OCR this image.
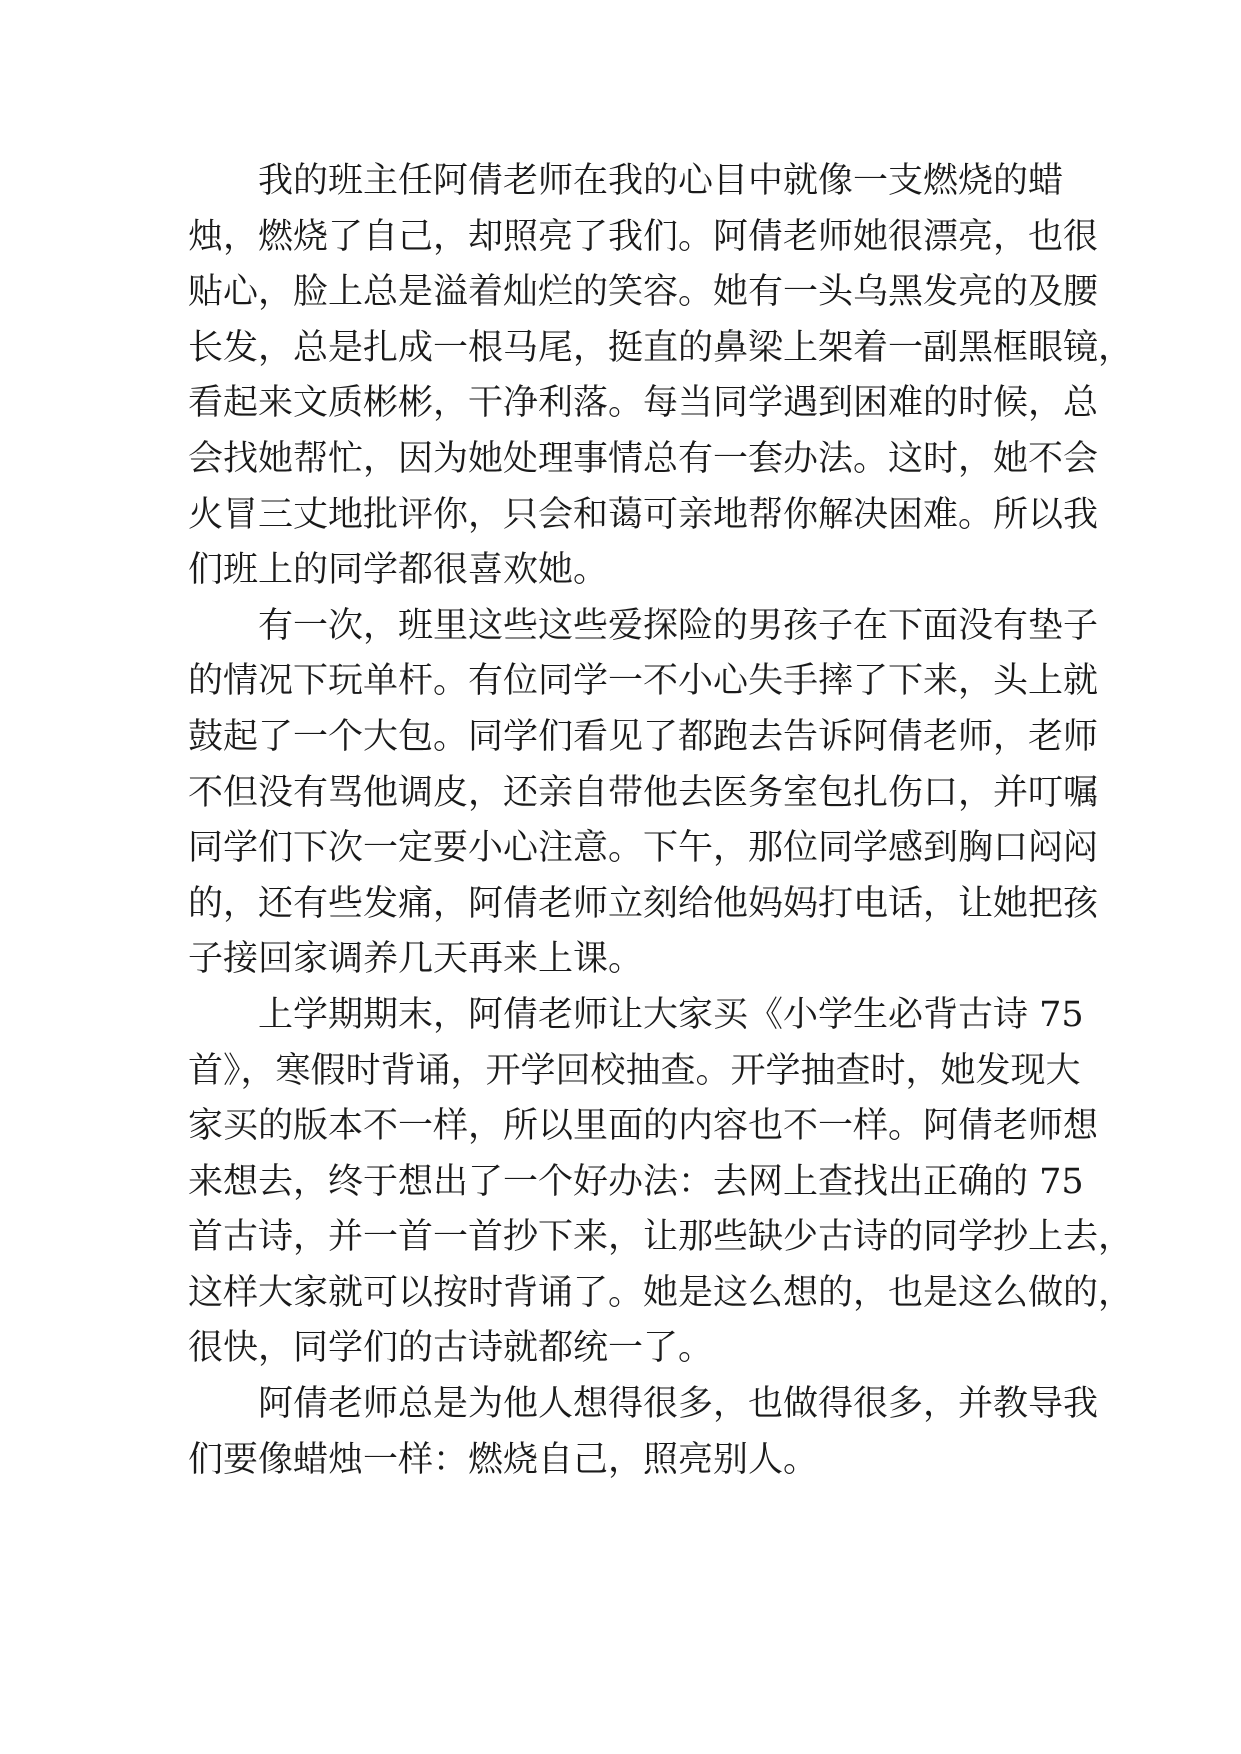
我的班主任阿倩老师在我的心目中就像一支燃烧的蜡
烛，燃烧了自己，却照亮了我们。阿倩老师她很漂亮，也很
贴心，脸上总是溢着灿烂的笑容。她有一头乌黑发亮的及腰
长发，总是扎成一根马尾，挺直的鼻梁上架着一副黑框眼镜，
看起来文质彬彬，干净利落。每当同学遇到困难的时候，总
会找她帮忙，因为她处理事情总有一套办法。这时，她不会
火冒三丈地批评你，只会和蔼可亲地帮你解决困难。所以我
们班上的同学都很喜欢她。
有一次，班里这些这些爱探险的男孩子在下面没有垫子
的情况下玩单杆。有位同学一不小心失手摔了下来，头上就
鼓起了一个大包。同学们看见了都跑去告诉阿倩老师，老师
不但没有骂他调皮，还亲自带他去医务室包扎伤口，并叮嘱
同学们下次一定要小心注意。下午，那位同学感到胸口闷闷
的，还有些发痛，阿倩老师立刻给他妈妈打电话，让她把孩
子接回家调养几天再来上课。
上学期期末，阿倩老师让大家买《小学生必背古诗 75
首》，寒假时背诵，开学回校抽查。开学抽查时，她发现大
家买的版本不一样，所以里面的内容也不一样。阿倩老师想
来想去，终于想出了一个好办法：去网上查找出正确的 75
首古诗，并一首一首抄下来，让那些缺少古诗的同学抄上去，
这样大家就可以按时背诵了。她是这么想的，也是这么做的，
很快，同学们的古诗就都统一了。
阿倩老师总是为他人想得很多，也做得很多，并教导我
们要像蜡烛一样：燃烧自己，照亮别人。
